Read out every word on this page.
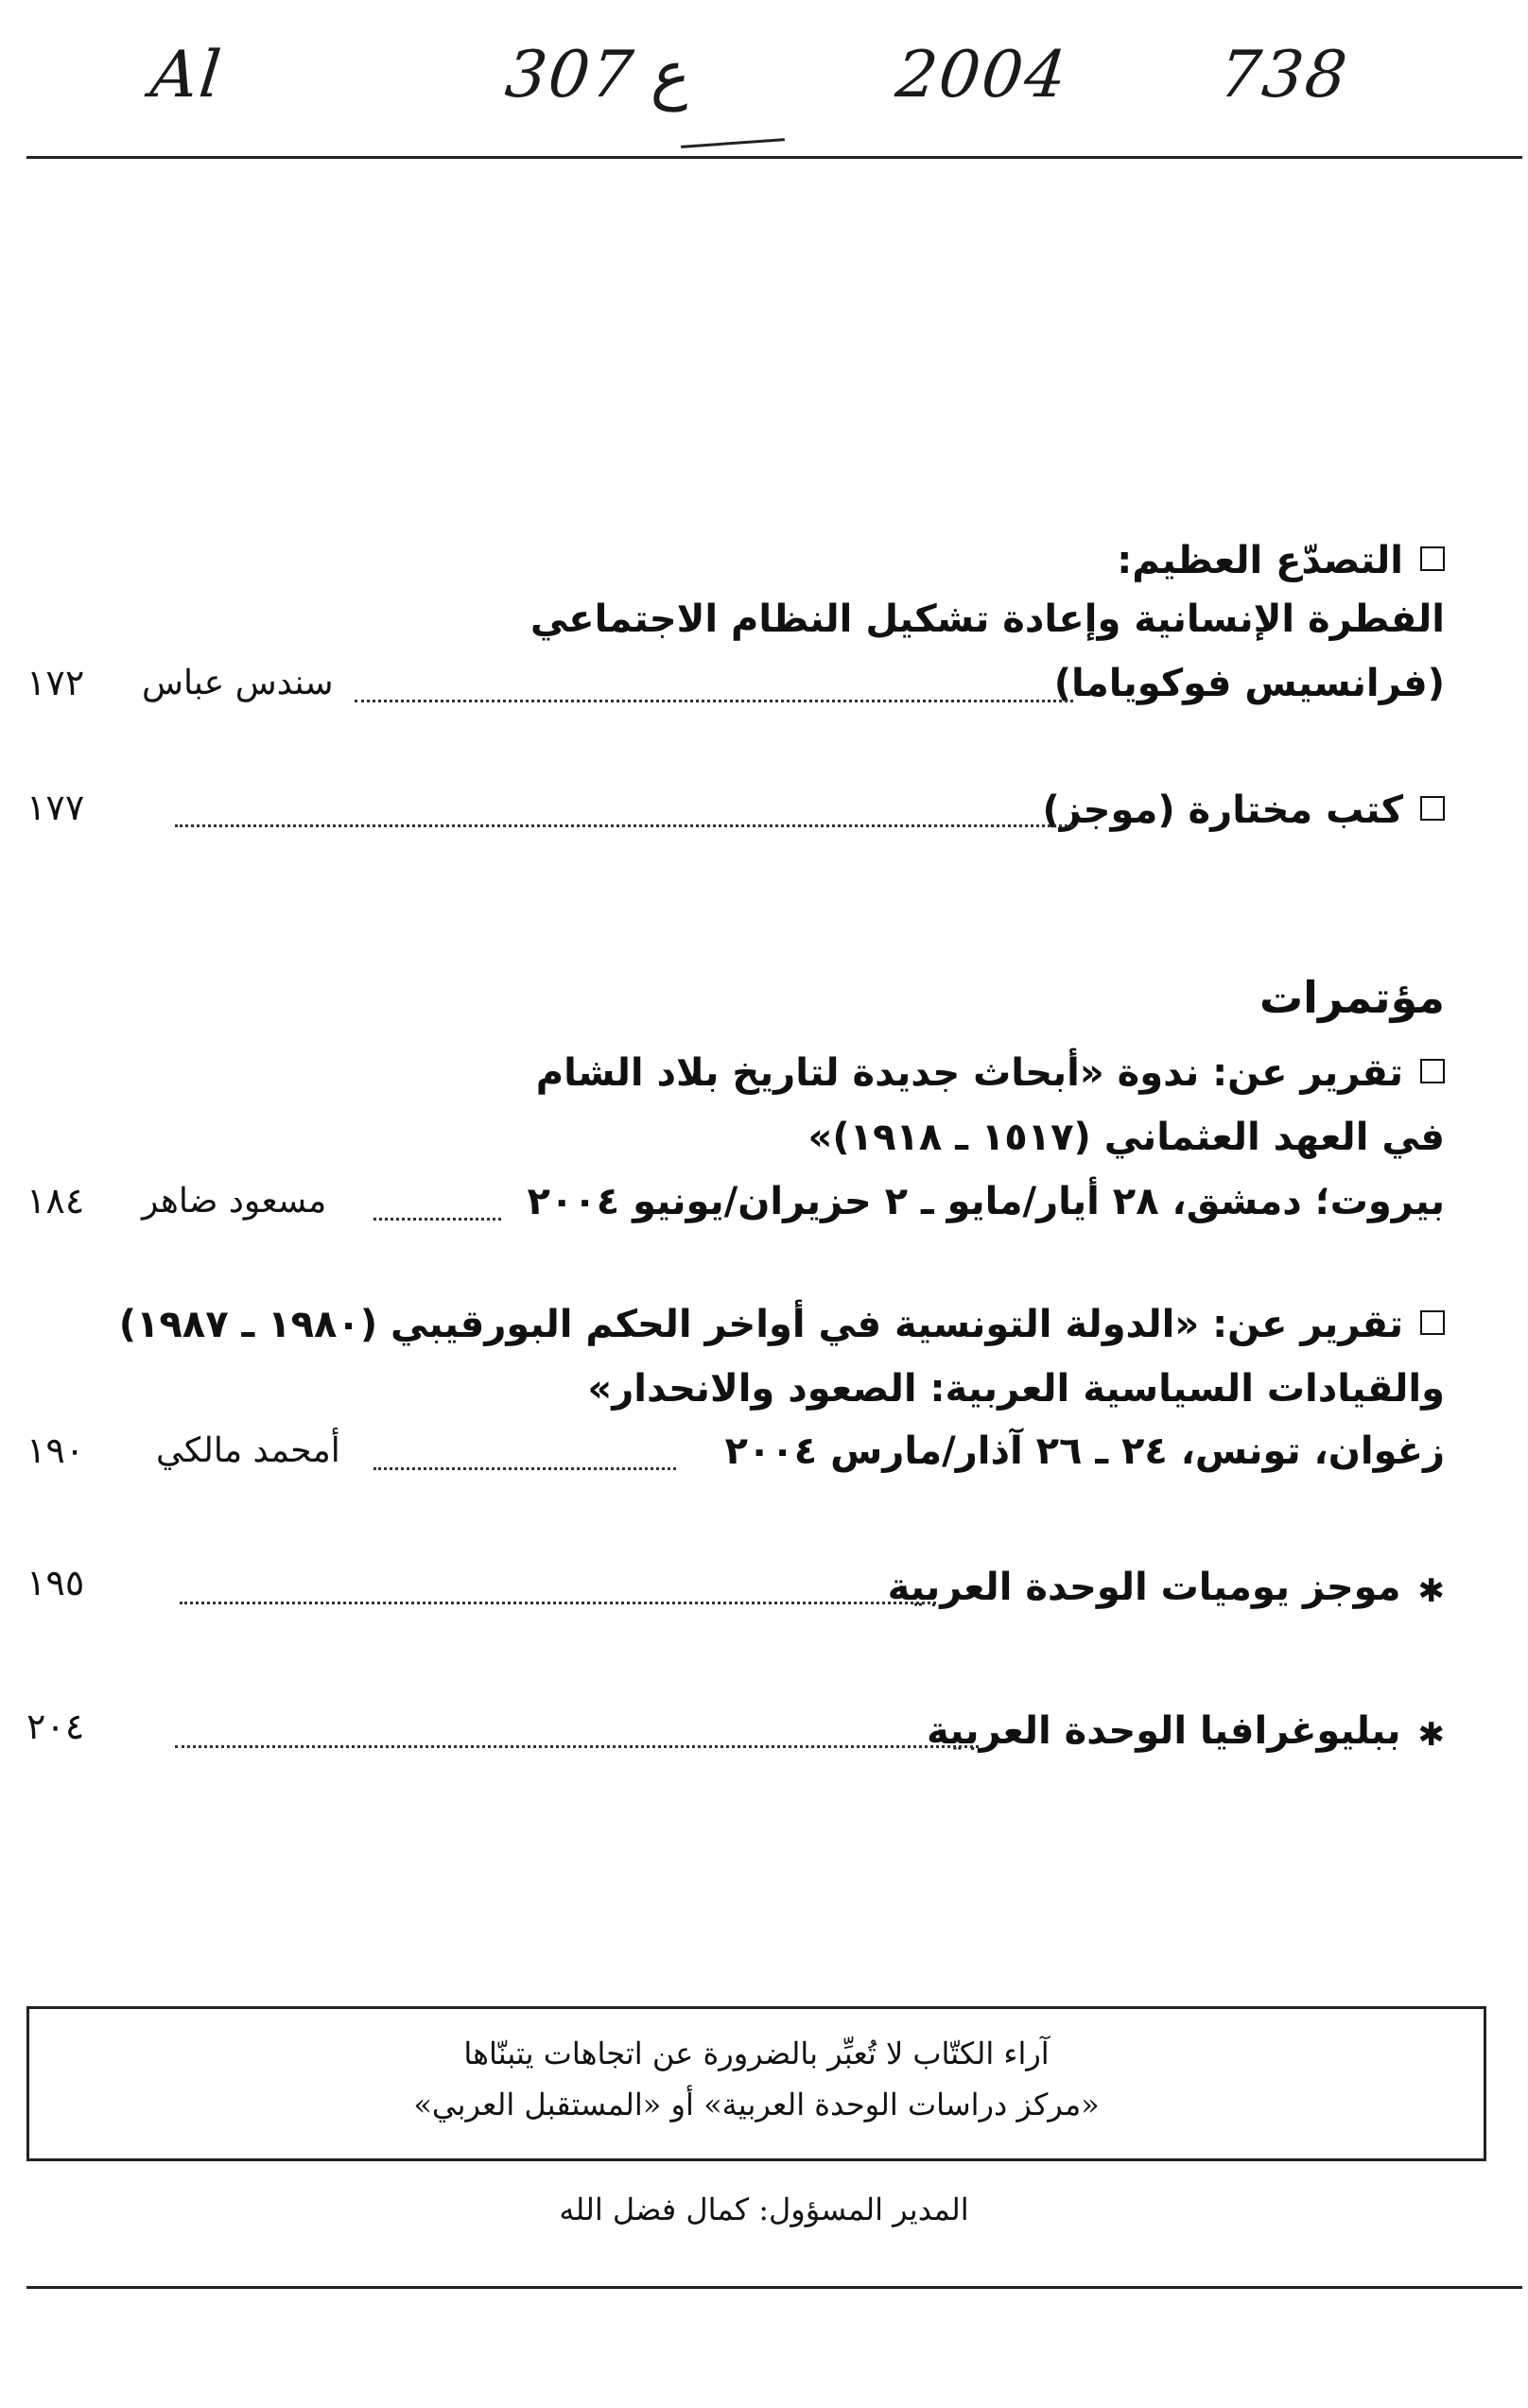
Al	307 ع	2004 738
التصدّع العظيم:
الفطرة الإنسانية وإعادة تشكيل النظام الاجتماعي
(فرانسيس فوكوياما)
سندس عباس
١٧٢
كتب مختارة (موجز)
١٧٧
مؤتمرات
تقرير عن: ندوة «أبحاث جديدة لتاريخ بلاد الشام
في العهد العثماني (١٥١٧ ـ ١٩١٨)»
بيروت؛ دمشق، ٢٨ أيار/مايو ـ ٢ حزيران/يونيو ٢٠٠٤
مسعود ضاهر
١٨٤
تقرير عن: «الدولة التونسية في أواخر الحكم البورقيبي (١٩٨٠ ـ ١٩٨٧)
والقيادات السياسية العربية: الصعود والانحدار»
زغوان، تونس، ٢٤ ـ ٢٦ آذار/مارس ٢٠٠٤
أمحمد مالكي
١٩٠
✱موجز يوميات الوحدة العربية
١٩٥
✱ببليوغرافيا الوحدة العربية
٢٠٤
آراء الكتّاب لا تُعبِّر بالضرورة عن اتجاهات يتبنّاها
«مركز دراسات الوحدة العربية» أو «المستقبل العربي»
المدير المسؤول: كمال فضل الله
